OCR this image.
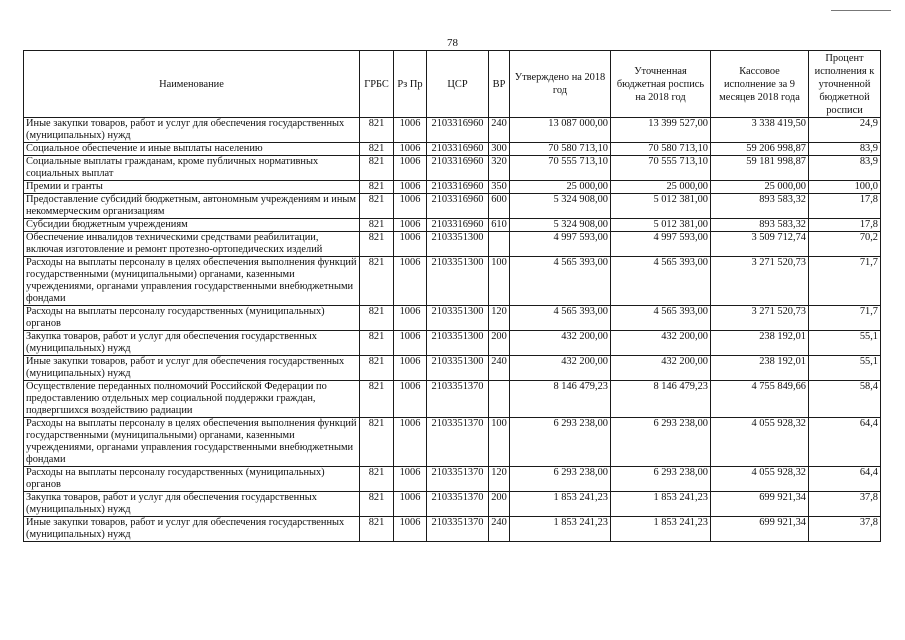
78
Наименование	ГРБС	Рз Пр	ЦСР	ВР	Утверждено на 2018 год	Уточненная бюджетная роспись на 2018 год	Кассовое исполнение за 9 месяцев 2018 года	Процент исполнения к уточненной бюджетной росписи
Иные закупки товаров, работ и услуг для обеспечения государственных (муниципальных) нужд	821	1006	2103316960	240	13 087 000,00	13 399 527,00	3 338 419,50	24,9
Социальное обеспечение и иные выплаты населению	821	1006	2103316960	300	70 580 713,10	70 580 713,10	59 206 998,87	83,9
Социальные выплаты гражданам, кроме публичных нормативных социальных выплат	821	1006	2103316960	320	70 555 713,10	70 555 713,10	59 181 998,87	83,9
Премии и гранты	821	1006	2103316960	350	25 000,00	25 000,00	25 000,00	100,0
Предоставление субсидий бюджетным, автономным учреждениям и иным некоммерческим организациям	821	1006	2103316960	600	5 324 908,00	5 012 381,00	893 583,32	17,8
Субсидии бюджетным учреждениям	821	1006	2103316960	610	5 324 908,00	5 012 381,00	893 583,32	17,8
Обеспечение инвалидов техническими средствами реабилитации, включая изготовление и ремонт протезно-ортопедических изделий	821	1006	2103351300		4 997 593,00	4 997 593,00	3 509 712,74	70,2
Расходы на выплаты персоналу в целях обеспечения выполнения функций государственными (муниципальными) органами, казенными учреждениями, органами управления государственными внебюджетными фондами	821	1006	2103351300	100	4 565 393,00	4 565 393,00	3 271 520,73	71,7
Расходы на выплаты персоналу государственных (муниципальных) органов	821	1006	2103351300	120	4 565 393,00	4 565 393,00	3 271 520,73	71,7
Закупка товаров, работ и услуг для обеспечения государственных (муниципальных) нужд	821	1006	2103351300	200	432 200,00	432 200,00	238 192,01	55,1
Иные закупки товаров, работ и услуг для обеспечения государственных (муниципальных) нужд	821	1006	2103351300	240	432 200,00	432 200,00	238 192,01	55,1
Осуществление переданных полномочий Российской Федерации по предоставлению отдельных мер социальной поддержки граждан, подвергшихся воздействию радиации	821	1006	2103351370		8 146 479,23	8 146 479,23	4 755 849,66	58,4
Расходы на выплаты персоналу в целях обеспечения выполнения функций государственными (муниципальными) органами, казенными учреждениями, органами управления государственными внебюджетными фондами	821	1006	2103351370	100	6 293 238,00	6 293 238,00	4 055 928,32	64,4
Расходы на выплаты персоналу государственных (муниципальных) органов	821	1006	2103351370	120	6 293 238,00	6 293 238,00	4 055 928,32	64,4
Закупка товаров, работ и услуг для обеспечения государственных (муниципальных) нужд	821	1006	2103351370	200	1 853 241,23	1 853 241,23	699 921,34	37,8
Иные закупки товаров, работ и услуг для обеспечения государственных (муниципальных) нужд	821	1006	2103351370	240	1 853 241,23	1 853 241,23	699 921,34	37,8
